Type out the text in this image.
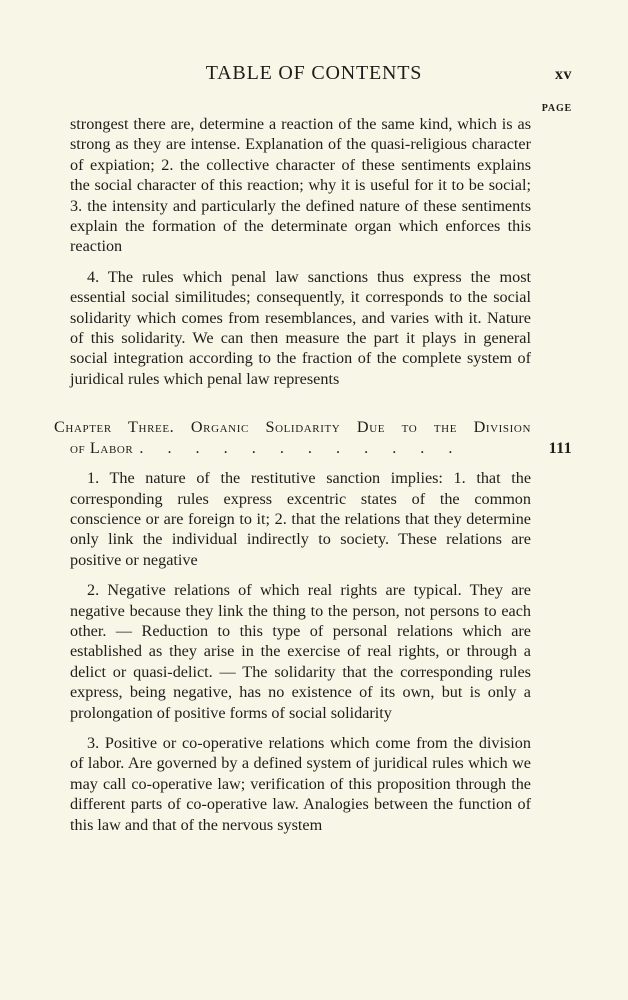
TABLE OF CONTENTS	xv
PAGE

strongest there are, determine a reaction of the same kind, which is as strong as they are intense. Explanation of the quasi-religious character of expiation; 2. the collective character of these sentiments explains the social character of this reaction; why it is useful for it to be social; 3. the intensity and particularly the defined nature of these sentiments explain the formation of the determinate organ which enforces this reaction

4. The rules which penal law sanctions thus express the most essential social similitudes; consequently, it corresponds to the social solidarity which comes from resemblances, and varies with it. Nature of this solidarity. We can then measure the part it plays in general social integration according to the fraction of the complete system of juridical rules which penal law represents

Chapter Three. Organic Solidarity Due to the Division
of Labor . . . . . . . . . . . .	111

1. The nature of the restitutive sanction implies: 1. that the corresponding rules express excentric states of the common conscience or are foreign to it; 2. that the relations that they determine only link the individual indirectly to society. These relations are positive or negative

2. Negative relations of which real rights are typical. They are negative because they link the thing to the person, not persons to each other. — Reduction to this type of personal relations which are established as they arise in the exercise of real rights, or through a delict or quasi-delict. — The solidarity that the corresponding rules express, being negative, has no existence of its own, but is only a prolongation of positive forms of social solidarity

3. Positive or co-operative relations which come from the division of labor. Are governed by a defined system of juridical rules which we may call co-operative law; verification of this proposition through the different parts of co-operative law. Analogies between the function of this law and that of the nervous system
